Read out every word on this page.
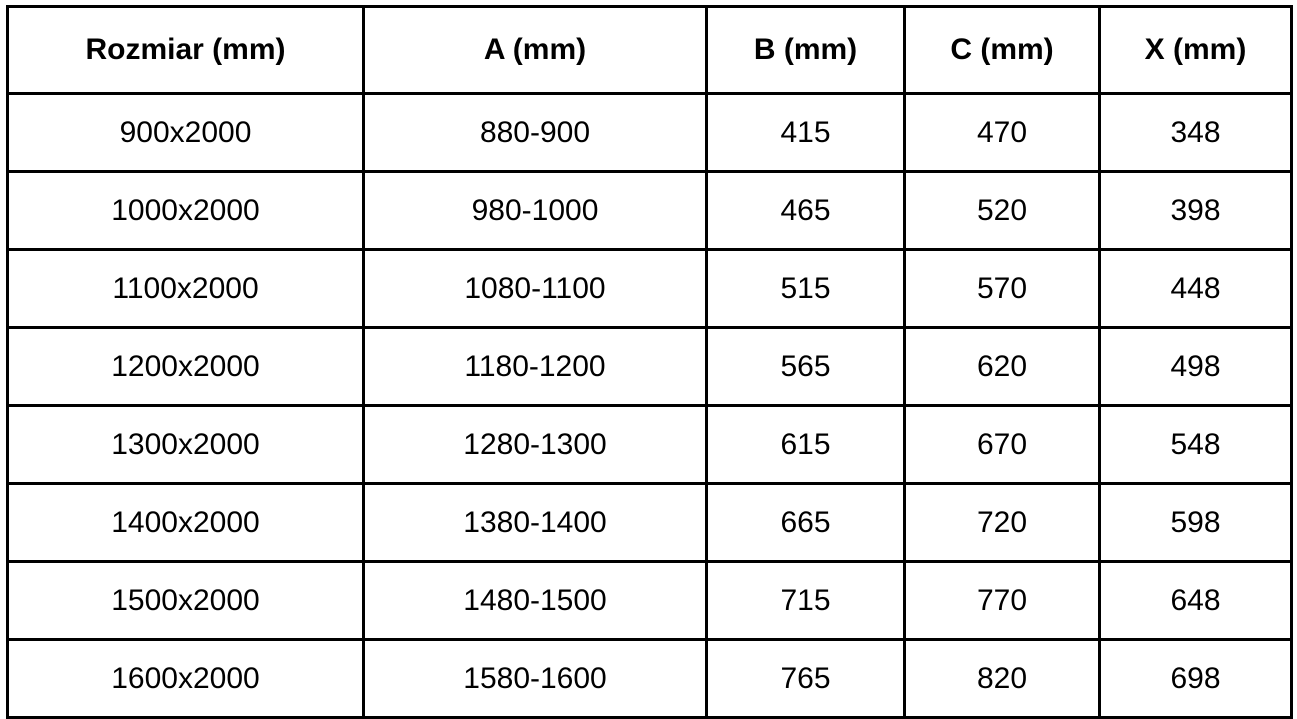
Rozmiar (mm)	A (mm)	B (mm)	C (mm)	X (mm)
900x2000	880-900	415	470	348
1000x2000	980-1000	465	520	398
1100x2000	1080-1100	515	570	448
1200x2000	1180-1200	565	620	498
1300x2000	1280-1300	615	670	548
1400x2000	1380-1400	665	720	598
1500x2000	1480-1500	715	770	648
1600x2000	1580-1600	765	820	698
